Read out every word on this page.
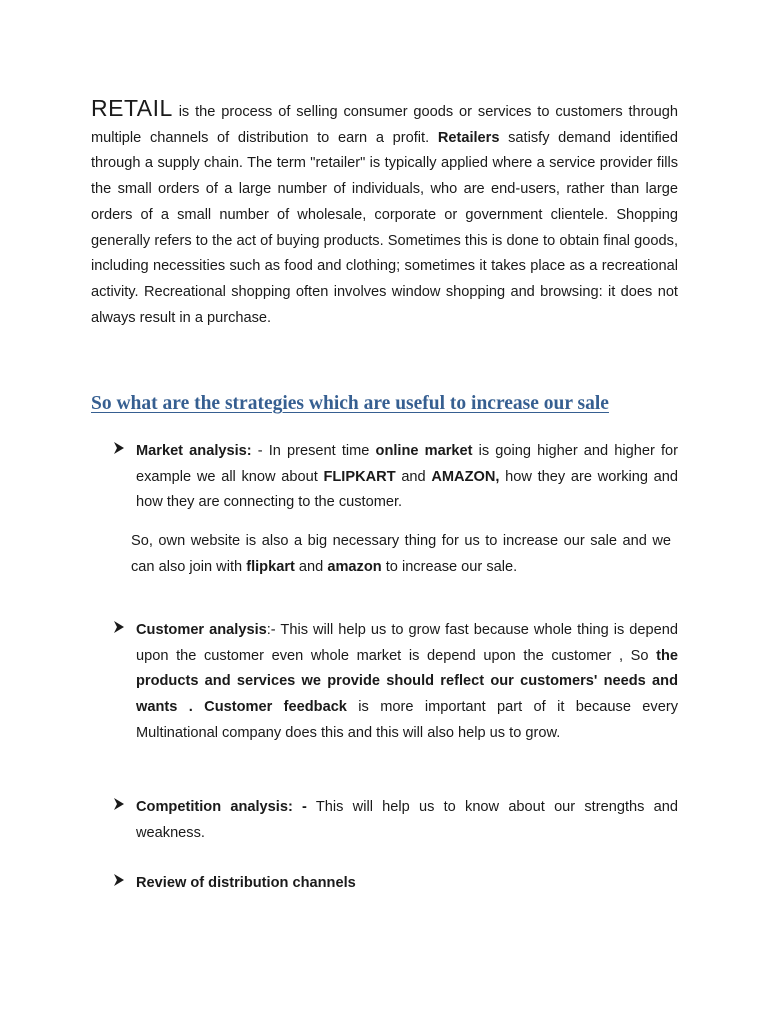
RETAIL is the process of selling consumer goods or services to customers through multiple channels of distribution to earn a profit. Retailers satisfy demand identified through a supply chain. The term "retailer" is typically applied where a service provider fills the small orders of a large number of individuals, who are end-users, rather than large orders of a small number of wholesale, corporate or government clientele. Shopping generally refers to the act of buying products. Sometimes this is done to obtain final goods, including necessities such as food and clothing; sometimes it takes place as a recreational activity. Recreational shopping often involves window shopping and browsing: it does not always result in a purchase.

So what are the strategies which are useful to increase our sale
Market analysis: - In present time online market is going higher and higher for example we all know about FLIPKART and AMAZON, how they are working and how they are connecting to the customer.

So, own website is also a big necessary thing for us to increase our sale and we can also join with flipkart and amazon to increase our sale.

Customer analysis:- This will help us to grow fast because whole thing is depend upon the customer even whole market is depend upon the customer , So the products and services we provide should reflect our customers' needs and wants . Customer feedback is more important part of it because every Multinational company does this and this will also help us to grow.
Competition analysis: - This will help us to know about our strengths and weakness.
Review of distribution channels
